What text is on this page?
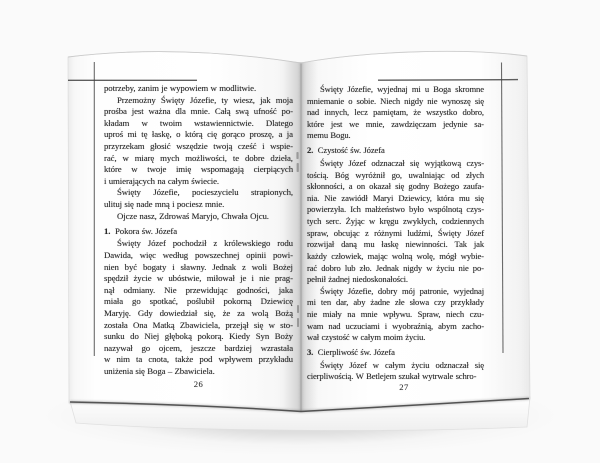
potrzeby, zanim je wypowiem w modlitwie.
Przemożny Święty Józefie, ty wiesz, jak moja
prośba jest ważna dla mnie. Całą swą ufność po-
kładam w twoim wstawiennictwie. Dlatego
uproś mi tę łaskę, o którą cię gorąco proszę, a ja
przyrzekam głosić wszędzie twoją cześć i wspie-
rać, w miarę mych możliwości, te dobre dzieła,
które w twoje imię wspomagają cierpiących
i umierających na całym świecie.
Święty Józefie, pocieszycielu strapionych,
ulituj się nade mną i pociesz mnie.
Ojcze nasz, Zdrowaś Maryjo, Chwała Ojcu.
1. Pokora św. Józefa
Święty Józef pochodził z królewskiego rodu
Dawida, więc według powszechnej opinii powi-
nien być bogaty i sławny. Jednak z woli Bożej
spędził życie w ubóstwie, miłował je i nie prag-
nął odmiany. Nie przewidując godności, jaka
miała go spotkać, poślubił pokorną Dziewicę
Maryję. Gdy dowiedział się, że za wolą Bożą
została Ona Matką Zbawiciela, przejął się w sto-
sunku do Niej głęboką pokorą. Kiedy Syn Boży
nazywał go ojcem, jeszcze bardziej wzrastała
w nim ta cnota, także pod wpływem przykładu
uniżenia się Boga – Zbawiciela.
Święty Józefie, wyjednaj mi u Boga skromne
mniemanie o sobie. Niech nigdy nie wynoszę się
nad innych, lecz pamiętam, że wszystko dobro,
które jest we mnie, zawdzięczam jedynie sa-
memu Bogu.
2. Czystość św. Józefa
Święty Józef odznaczał się wyjątkową czys-
tością. Bóg wyróżnił go, uwalniając od złych
skłonności, a on okazał się godny Bożego zaufa-
nia. Nie zawiódł Maryi Dziewicy, która mu się
powierzyła. Ich małżeństwo było wspólnotą czys-
tych serc. Żyjąc w kręgu zwykłych, codziennych
spraw, obcując z różnymi ludźmi, Święty Józef
rozwijał daną mu łaskę niewinności. Tak jak
każdy człowiek, mając wolną wolę, mógł wybie-
rać dobro lub zło. Jednak nigdy w życiu nie po-
pełnił żadnej niedoskonałości.
Święty Józefie, dobry mój patronie, wyjednaj
mi ten dar, aby żadne złe słowa czy przykłady
nie miały na mnie wpływu. Spraw, niech czu-
wam nad uczuciami i wyobraźnią, abym zacho-
wał czystość w całym moim życiu.
3. Cierpliwość św. Józefa
Święty Józef w całym życiu odznaczał się
cierpliwością. W Betlejem szukał wytrwale schro-
26	27
